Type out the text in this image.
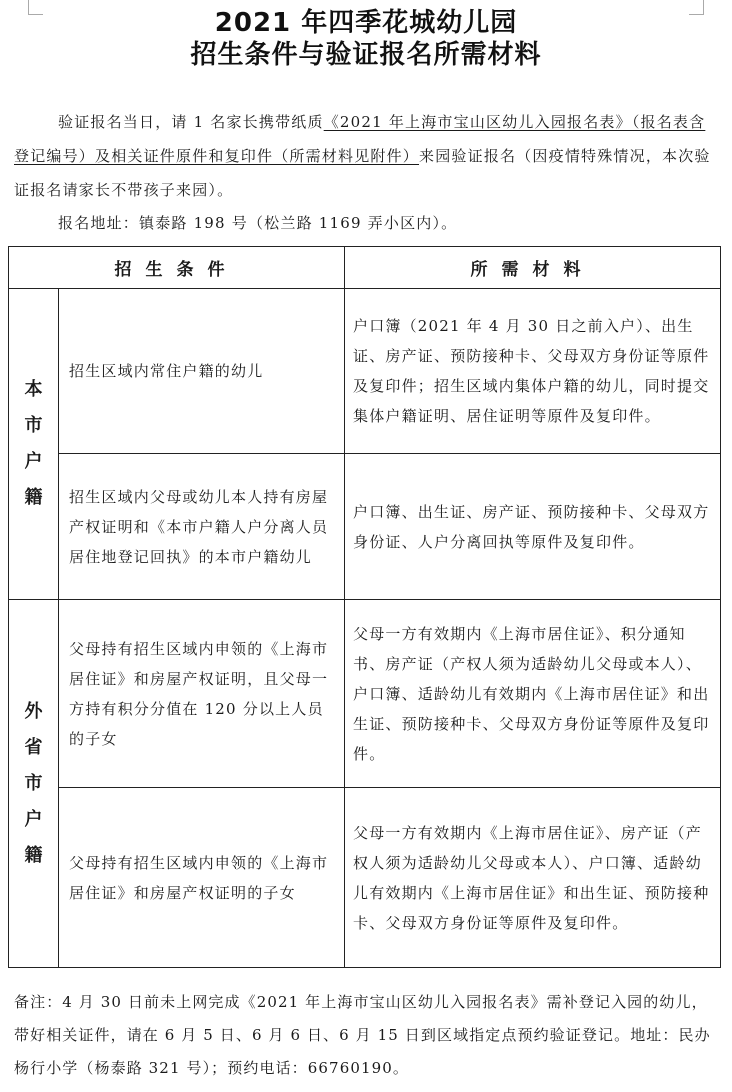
2021 年四季花城幼儿园
招生条件与验证报名所需材料
验证报名当日，请 1 名家长携带纸质《2021 年上海市宝山区幼儿入园报名表》（报名表含登记编号）及相关证件原件和复印件（所需材料见附件）来园验证报名（因疫情特殊情况，本次验证报名请家长不带孩子来园）。
报名地址：镇泰路 198 号（松兰路 1169 弄小区内）。
招生条件		所需材料

本市户籍	招生区域内常住户籍的幼儿	户口簿（2021 年 4 月 30 日之前入户）、出生证、房产证、预防接种卡、父母双方身份证等原件及复印件；招生区域内集体户籍的幼儿，同时提交集体户籍证明、居住证明等原件及复印件。
	招生区域内父母或幼儿本人持有房屋产权证明和《本市户籍人户分离人员居住地登记回执》的本市户籍幼儿	户口簿、出生证、房产证、预防接种卡、父母双方身份证、人户分离回执等原件及复印件。

外省市户籍	父母持有招生区域内申领的《上海市居住证》和房屋产权证明，且父母一方持有积分分值在 120 分以上人员的子女	父母一方有效期内《上海市居住证》、积分通知书、房产证（产权人须为适龄幼儿父母或本人）、户口簿、适龄幼儿有效期内《上海市居住证》和出生证、预防接种卡、父母双方身份证等原件及复印件。
	父母持有招生区域内申领的《上海市居住证》和房屋产权证明的子女	父母一方有效期内《上海市居住证》、房产证（产权人须为适龄幼儿父母或本人）、户口簿、适龄幼儿有效期内《上海市居住证》和出生证、预防接种卡、父母双方身份证等原件及复印件。
备注：4 月 30 日前未上网完成《2021 年上海市宝山区幼儿入园报名表》需补登记入园的幼儿，带好相关证件，请在 6 月 5 日、6 月 6 日、6 月 15 日到区域指定点预约验证登记。地址：民办杨行小学（杨泰路 321 号）；预约电话：66760190。
